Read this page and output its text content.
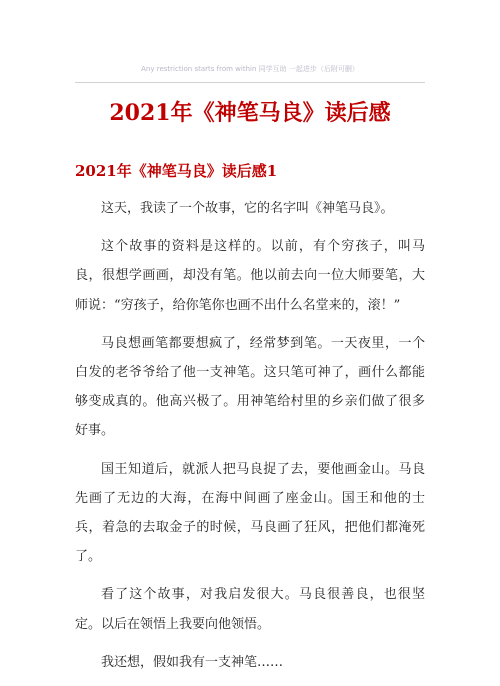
Any restriction starts from within 同学互助 一起进步（后附可删）
2021年《神笔马良》读后感
2021年《神笔马良》读后感1

这天，我读了一个故事，它的名字叫《神笔马良》。

这个故事的资料是这样的。以前，有个穷孩子，叫马良，很想学画画，却没有笔。他以前去向一位大师要笔，大师说：“穷孩子，给你笔你也画不出什么名堂来的，滚！”

马良想画笔都要想疯了，经常梦到笔。一天夜里，一个白发的老爷爷给了他一支神笔。这只笔可神了，画什么都能够变成真的。他高兴极了。用神笔给村里的乡亲们做了很多好事。

国王知道后，就派人把马良捉了去，要他画金山。马良先画了无边的大海，在海中间画了座金山。国王和他的士兵，着急的去取金子的时候，马良画了狂风，把他们都淹死了。

看了这个故事，对我启发很大。马良很善良，也很坚定。以后在领悟上我要向他领悟。

我还想，假如我有一支神笔……
